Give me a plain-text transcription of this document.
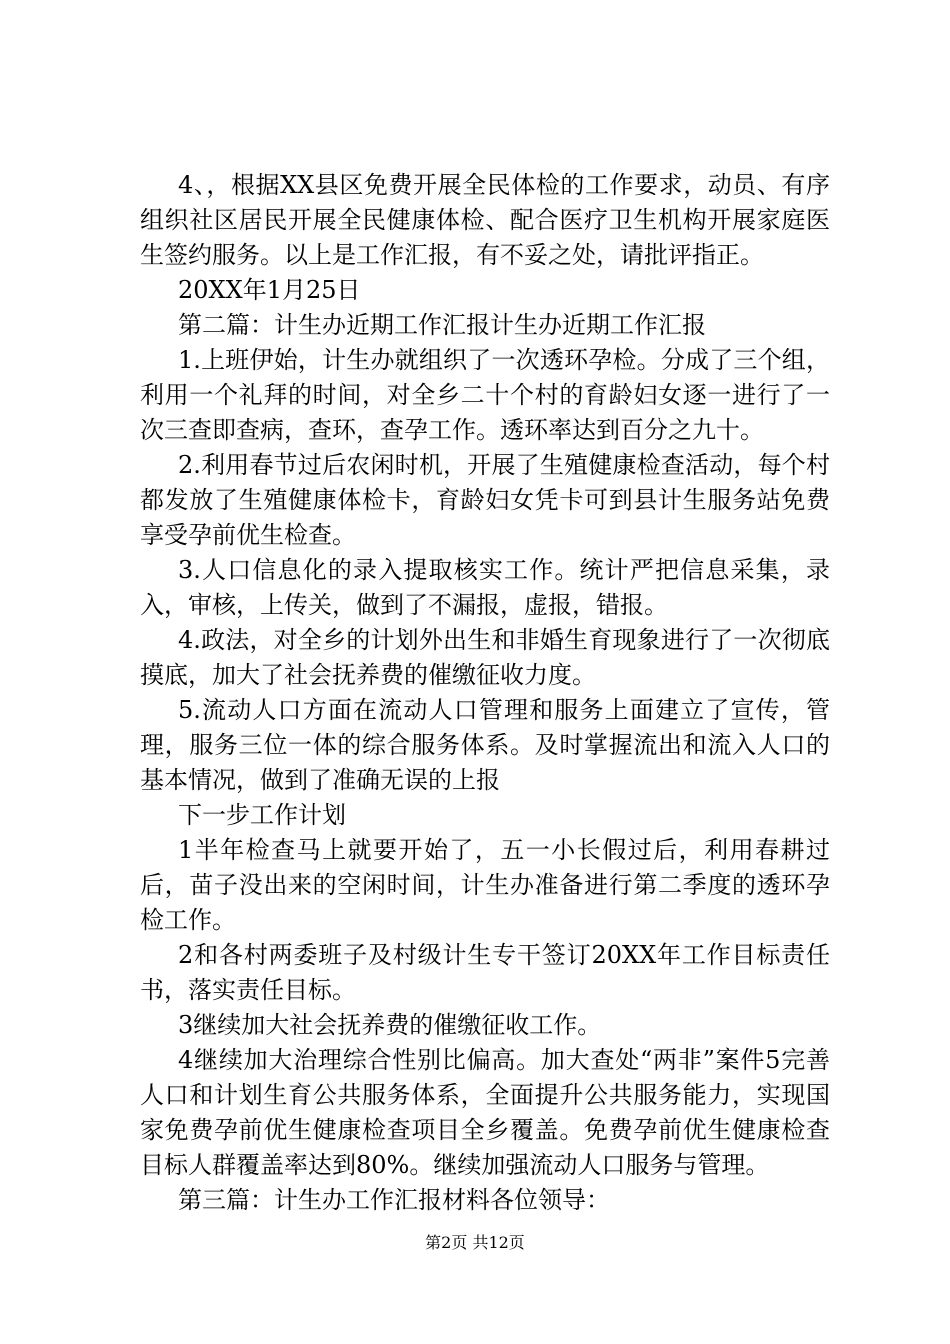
4、，根据XX县区免费开展全民体检的工作要求，动员、有序组织社区居民开展全民健康体检、配合医疗卫生机构开展家庭医生签约服务。以上是工作汇报，有不妥之处，请批评指正。

20XX年1月25日

第二篇：计生办近期工作汇报计生办近期工作汇报

1.上班伊始，计生办就组织了一次透环孕检。分成了三个组，利用一个礼拜的时间，对全乡二十个村的育龄妇女逐一进行了一次三查即查病，查环，查孕工作。透环率达到百分之九十。

2.利用春节过后农闲时机，开展了生殖健康检查活动，每个村都发放了生殖健康体检卡，育龄妇女凭卡可到县计生服务站免费享受孕前优生检查。

3.人口信息化的录入提取核实工作。统计严把信息采集，录入，审核，上传关，做到了不漏报，虚报，错报。

4.政法，对全乡的计划外出生和非婚生育现象进行了一次彻底摸底，加大了社会抚养费的催缴征收力度。

5.流动人口方面在流动人口管理和服务上面建立了宣传，管理，服务三位一体的综合服务体系。及时掌握流出和流入人口的基本情况，做到了准确无误的上报

下一步工作计划

1半年检查马上就要开始了，五一小长假过后，利用春耕过后，苗子没出来的空闲时间，计生办准备进行第二季度的透环孕检工作。

2和各村两委班子及村级计生专干签订20XX年工作目标责任书，落实责任目标。

3继续加大社会抚养费的催缴征收工作。

4继续加大治理综合性别比偏高。加大查处“两非”案件5完善人口和计划生育公共服务体系，全面提升公共服务能力，实现国家免费孕前优生健康检查项目全乡覆盖。免费孕前优生健康检查目标人群覆盖率达到80%。继续加强流动人口服务与管理。

第三篇：计生办工作汇报材料各位领导：

第2页 共12页
